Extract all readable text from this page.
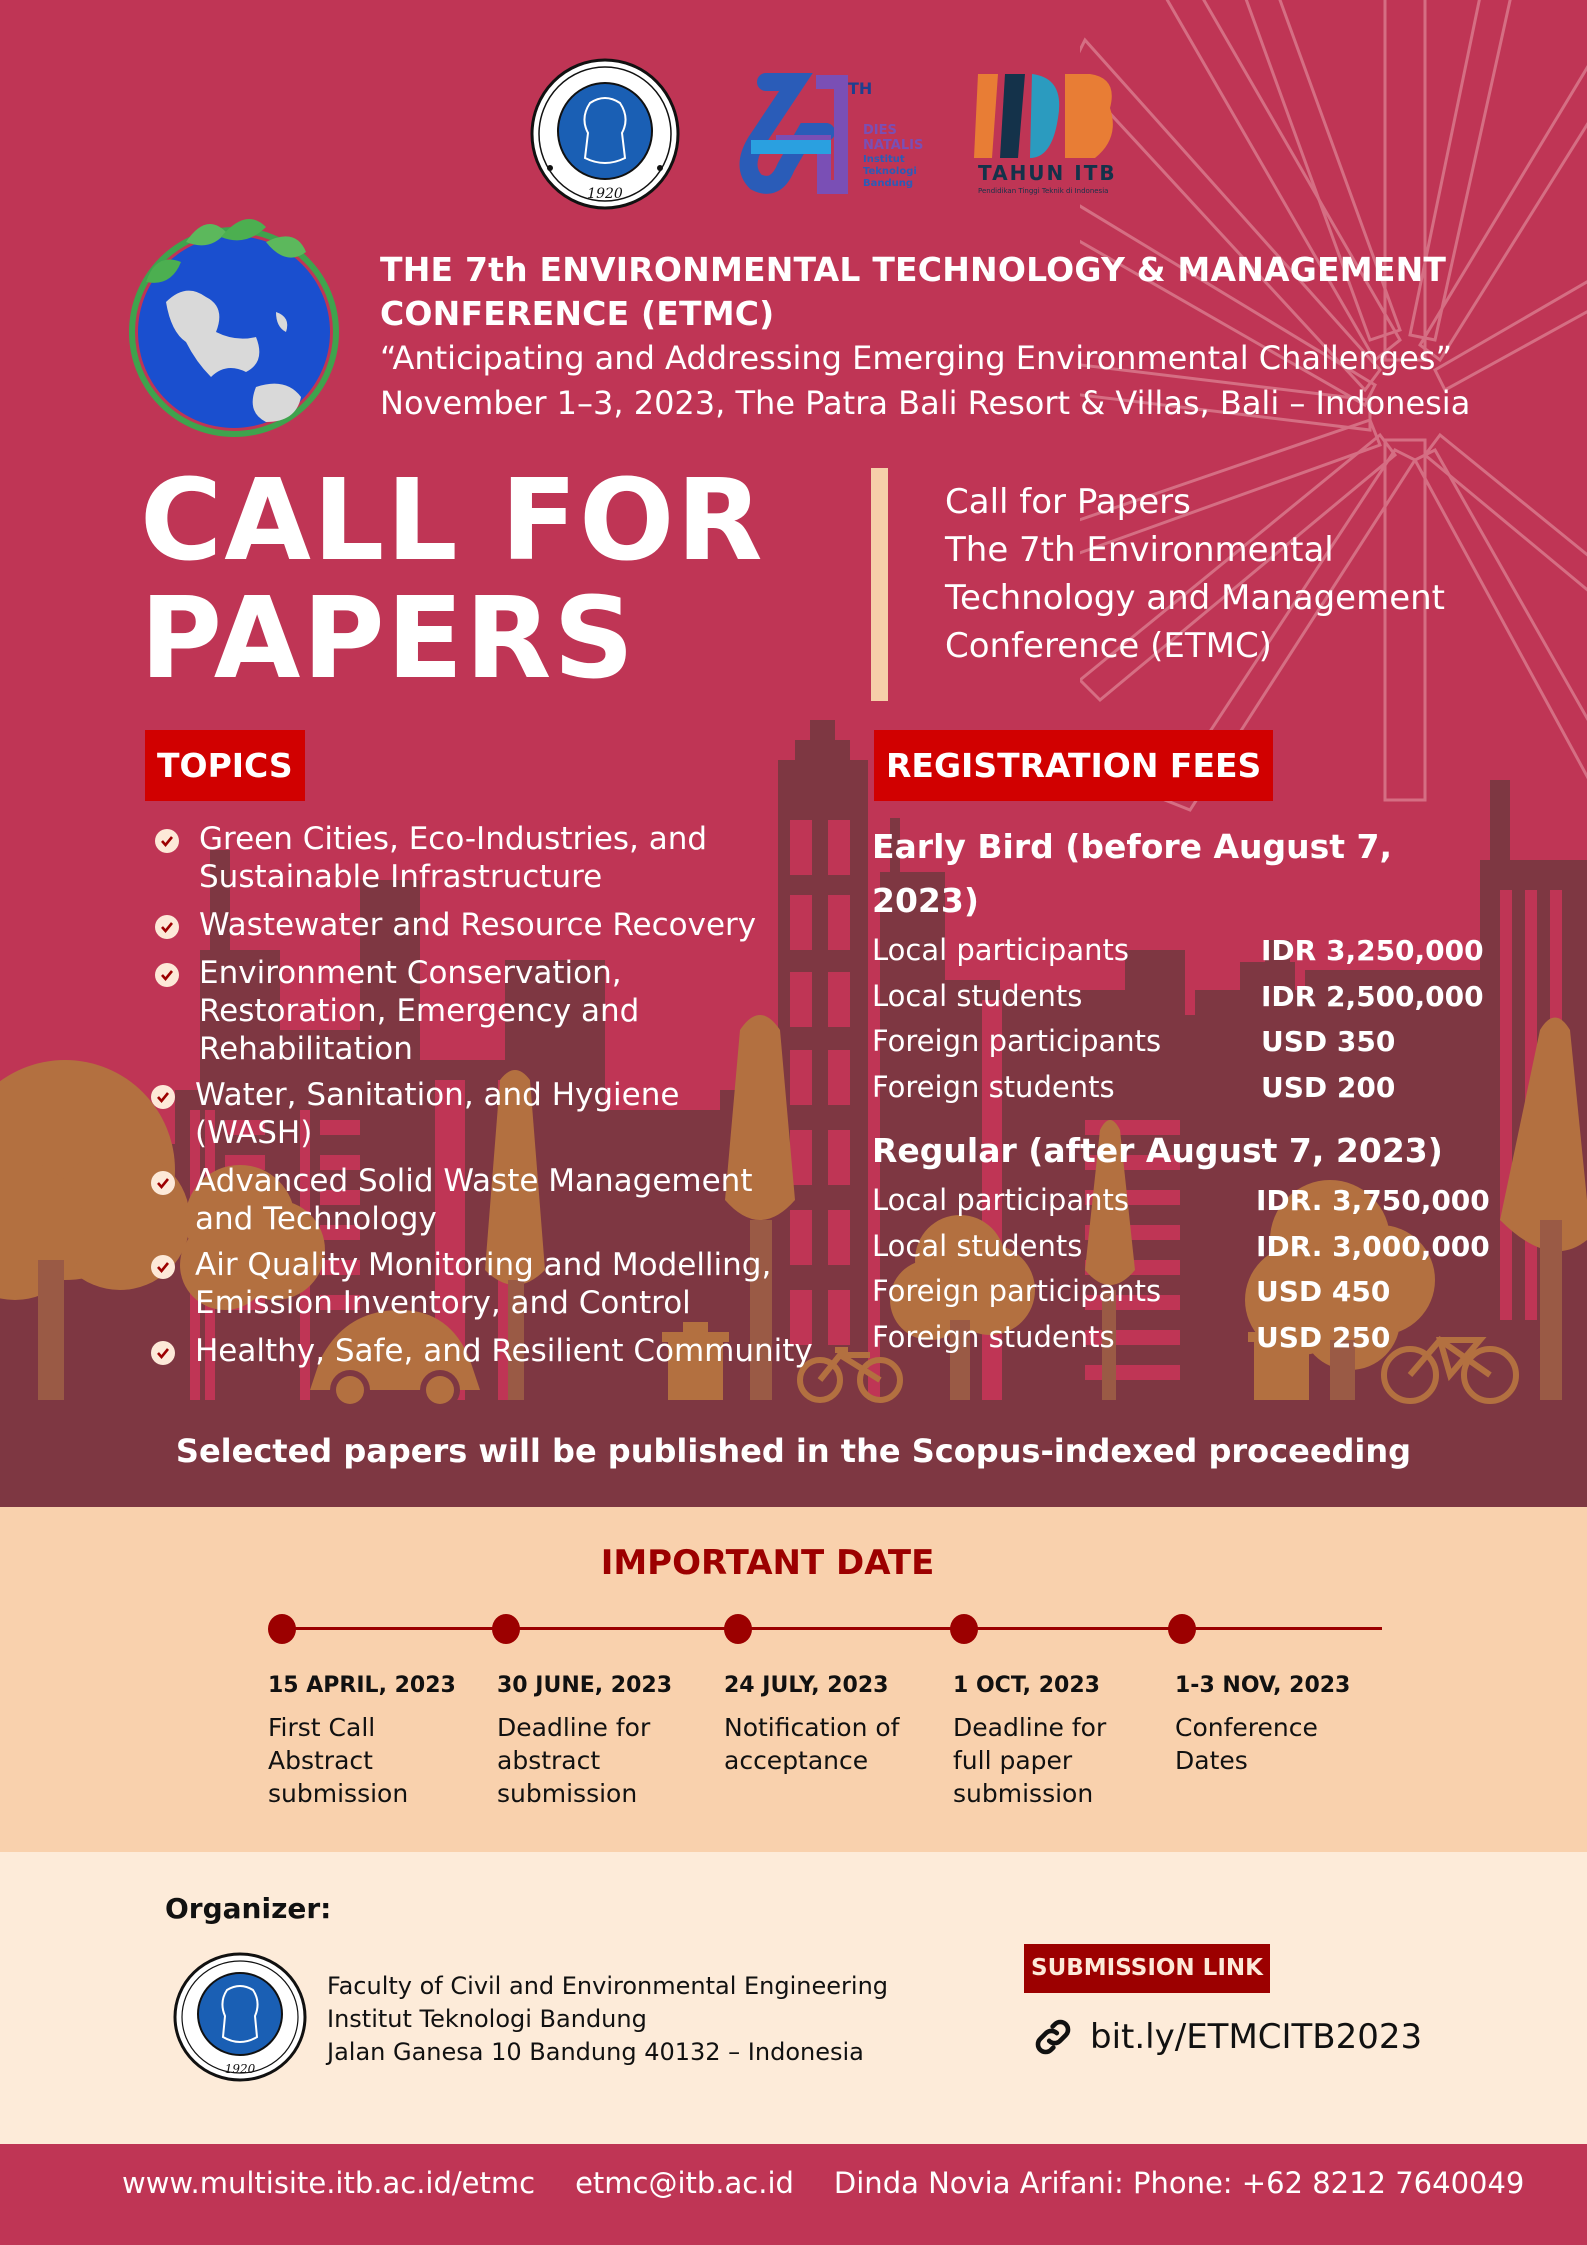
1920
TH
DIES
NATALIS
Institut
Teknologi
Bandung	TAHUN ITB
Pendidikan Tinggi Teknik di Indonesia
THE 7th ENVIRONMENTAL TECHNOLOGY & MANAGEMENT
CONFERENCE (ETMC)
“Anticipating and Addressing Emerging Environmental Challenges”
November 1–3, 2023, The Patra Bali Resort & Villas, Bali – Indonesia
CALL FOR
PAPERS
Call for Papers
The 7th Environmental
Technology and Management
Conference (ETMC)
TOPICS
Green Cities, Eco-Industries, and
Sustainable Infrastructure
Wastewater and Resource Recovery
Environment Conservation,
Restoration, Emergency and
Rehabilitation
Water, Sanitation, and Hygiene
(WASH)
Advanced Solid Waste Management
and Technology
Air Quality Monitoring and Modelling,
Emission Inventory, and Control
Healthy, Safe, and Resilient Community
REGISTRATION FEES
Early Bird (before August 7, 2023)
Local participants	IDR 3,250,000
Local students	IDR 2,500,000
Foreign participants	USD 350
Foreign students	USD 200
Regular (after August 7, 2023)
Local participants	IDR. 3,750,000
Local students	IDR. 3,000,000
Foreign participants	USD 450
Foreign students	USD 250
Selected papers will be published in the Scopus-indexed proceeding
IMPORTANT DATE
15 APRIL, 2023
First Call
Abstract
submission
30 JUNE, 2023
Deadline for
abstract
submission
24 JULY, 2023
Notification of
acceptance
1 OCT, 2023
Deadline for
full paper
submission
1-3 NOV, 2023
Conference
Dates
Organizer:
1920
Faculty of Civil and Environmental Engineering
Institut Teknologi Bandung
Jalan Ganesa 10 Bandung 40132 – Indonesia
SUBMISSION LINK
bit.ly/ETMCITB2023
www.multisite.itb.ac.id/etmc etmc@itb.ac.id Dinda Novia Arifani: Phone: +62 8212 7640049
